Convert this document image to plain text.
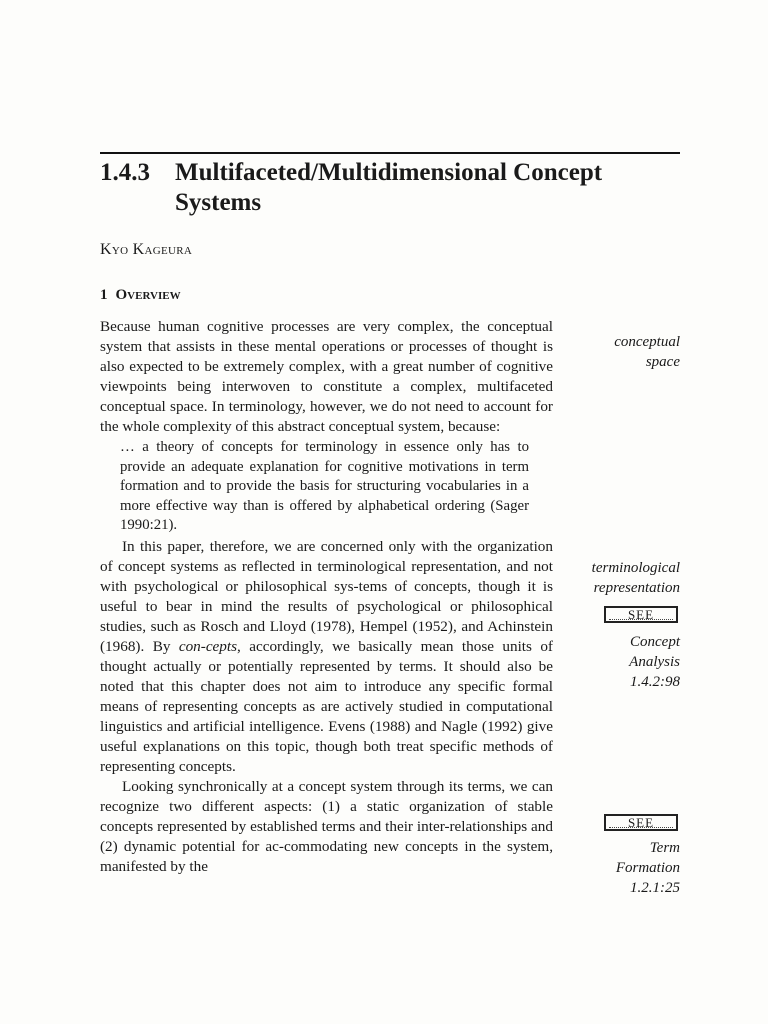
1.4.3 Multifaceted/Multidimensional Concept
Systems
Kyo Kageura
1 Overview

Because human cognitive processes are very complex, the conceptual system that assists in these mental operations or processes of thought is also expected to be extremely complex, with a great number of cognitive viewpoints being interwoven to constitute a complex, multifaceted conceptual space. In terminology, however, we do not need to account for the whole complexity of this abstract conceptual system, because:

… a theory of concepts for terminology in essence only has to provide an adequate explanation for cognitive motivations in term formation and to provide the basis for structuring vocabularies in a more effective way than is offered by alphabetical ordering (Sager 1990:21).

In this paper, therefore, we are concerned only with the organization of concept systems as reflected in terminological representation, and not with psychological or philosophical sys-tems of concepts, though it is useful to bear in mind the results of psychological or philosophical studies, such as Rosch and Lloyd (1978), Hempel (1952), and Achinstein (1968). By con-cepts, accordingly, we basically mean those units of thought actually or potentially represented by terms. It should also be noted that this chapter does not aim to introduce any specific formal means of representing concepts as are actively studied in computational linguistics and artificial intelligence. Evens (1988) and Nagle (1992) give useful explanations on this topic, though both treat specific methods of representing concepts.

Looking synchronically at a concept system through its terms, we can recognize two different aspects: (1) a static organization of stable concepts represented by established terms and their inter-relationships and (2) dynamic potential for ac-commodating new concepts in the system, manifested by the

conceptual
space
terminological
representation
SEE
Concept
Analysis
1.4.2:98
SEE
Term
Formation
1.2.1:25
